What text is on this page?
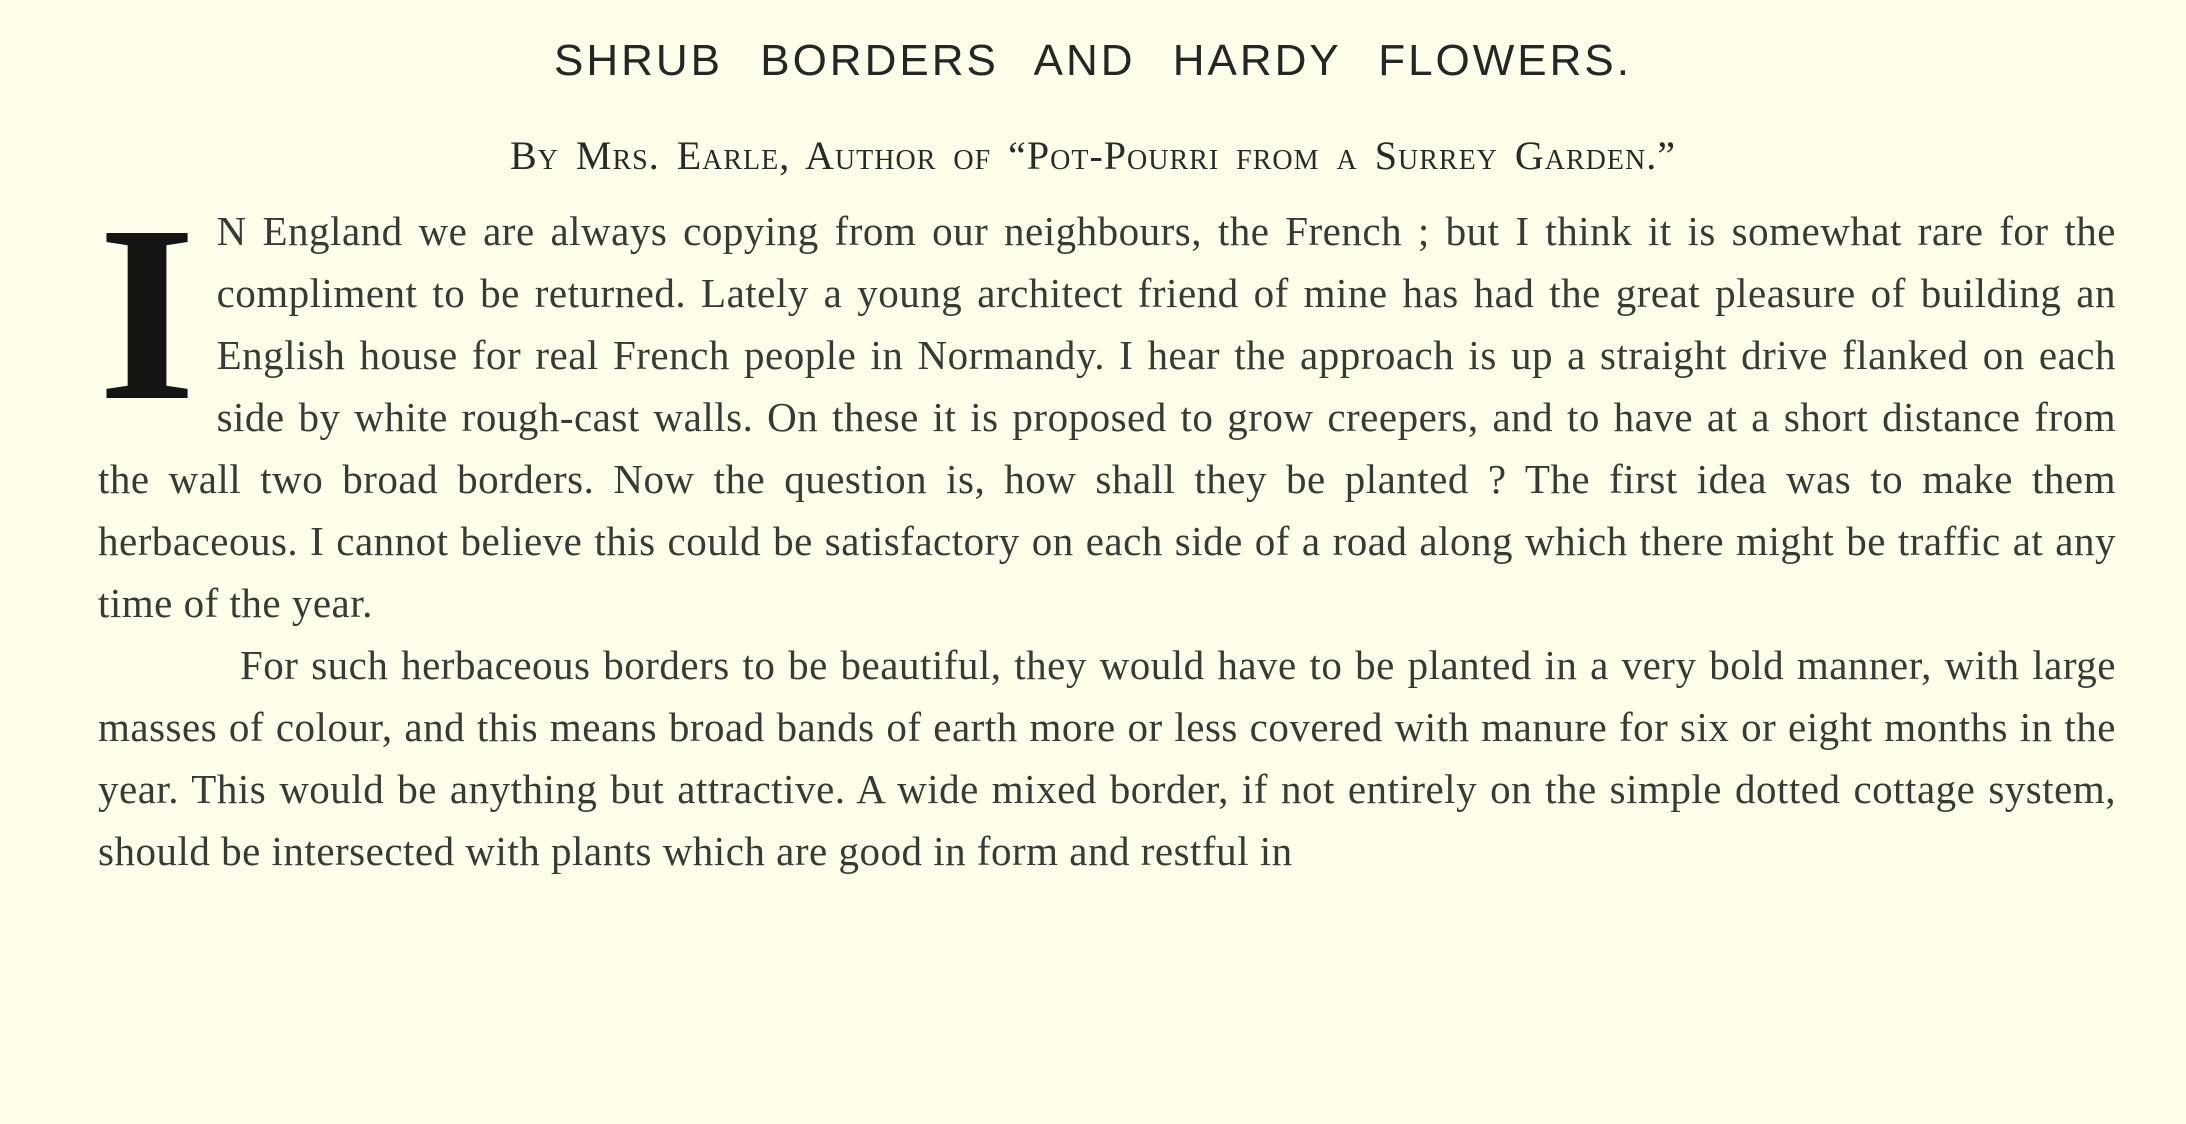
SHRUB BORDERS AND HARDY FLOWERS.
By Mrs. Earle, Author of “Pot-Pourri from a Surrey Garden.”

I N England we are always copying from our neighbours, the French ; but I think it is somewhat rare for the compliment to be returned. Lately a young architect friend of mine has had the great pleasure of building an English house for real French people in Normandy. I hear the approach is up a straight drive flanked on each side by white rough-cast walls. On these it is proposed to grow creepers, and to have at a short distance from the wall two broad borders. Now the question is, how shall they be planted ? The first idea was to make them herbaceous. I cannot believe this could be satisfactory on each side of a road along which there might be traffic at any time of the year.

For such herbaceous borders to be beautiful, they would have to be planted in a very bold manner, with large masses of colour, and this means broad bands of earth more or less covered with manure for six or eight months in the year. This would be anything but attractive. A wide mixed border, if not entirely on the simple dotted cottage system, should be intersected with plants which are good in form and restful in
